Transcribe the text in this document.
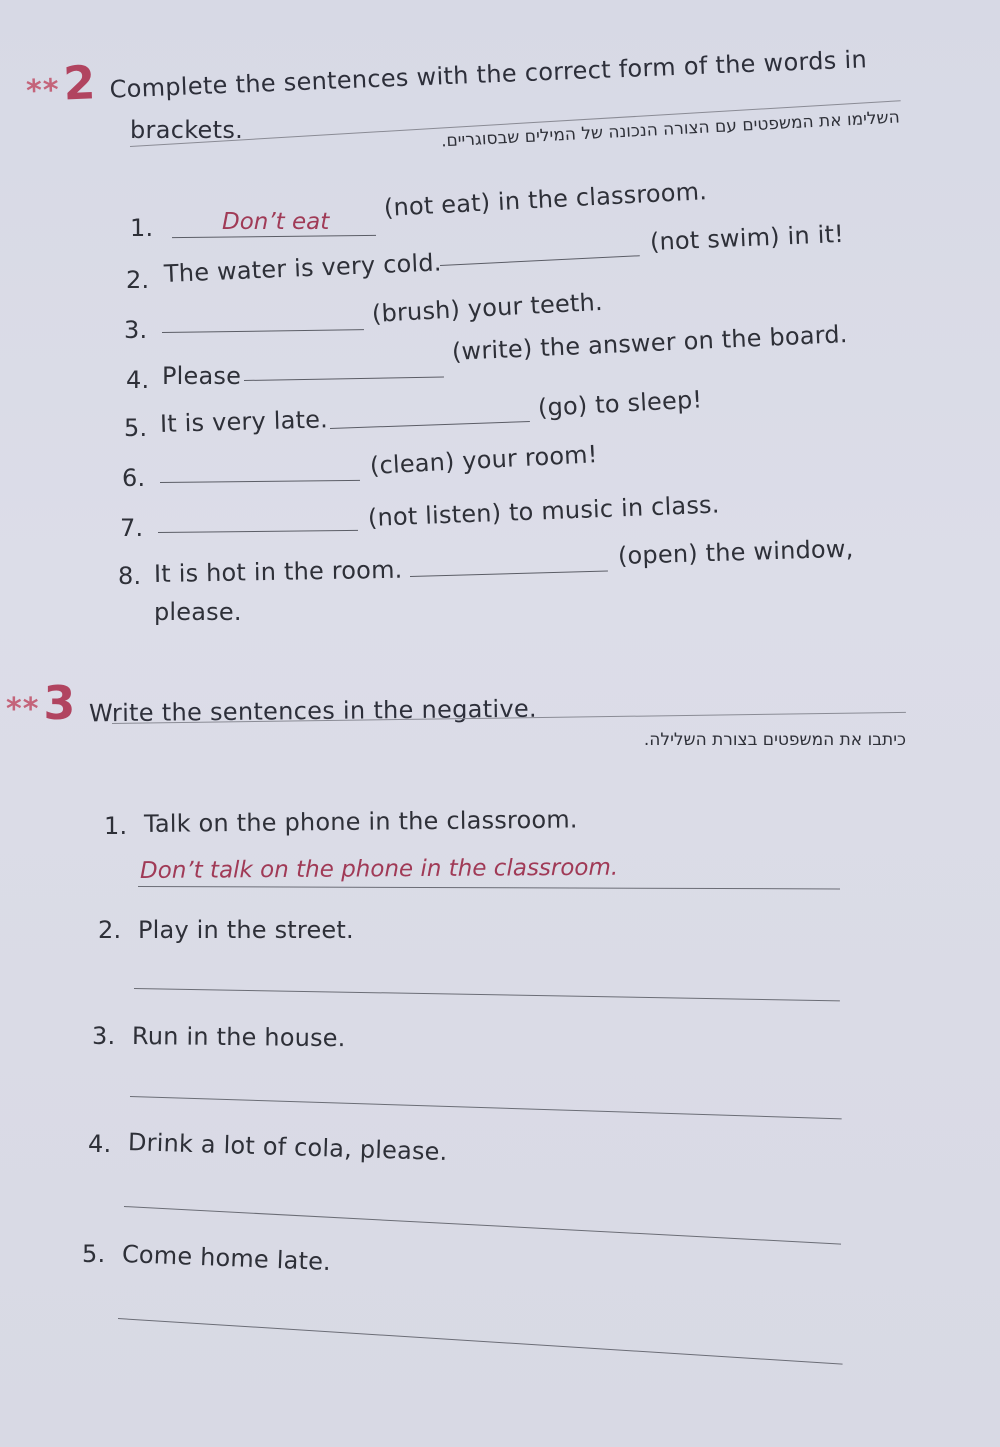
** 2 Complete the sentences with the correct form of the words in
brackets.	השלימו את המשפטים עם הצורה הנכונה של המילים שבסוגריים.
1.	Don’t eat
(not eat) in the classroom.
2. The water is very cold.
(not swim) in it!
3.
(brush) your teeth.
4. Please
(write) the answer on the board.
5. It is very late.	(go) to sleep!
6.	(clean) your room!
7.	(not listen) to music in class.
8. It is hot in the room.
(open) the window,
please.
** 3 Write the sentences in the negative.
כיתבו את המשפטים בצורת השלילה.
1. Talk on the phone in the classroom.
Don’t talk on the phone in the classroom.
2. Play in the street.
3. Run in the house.
4. Drink a lot of cola, please.
5. Come home late.
